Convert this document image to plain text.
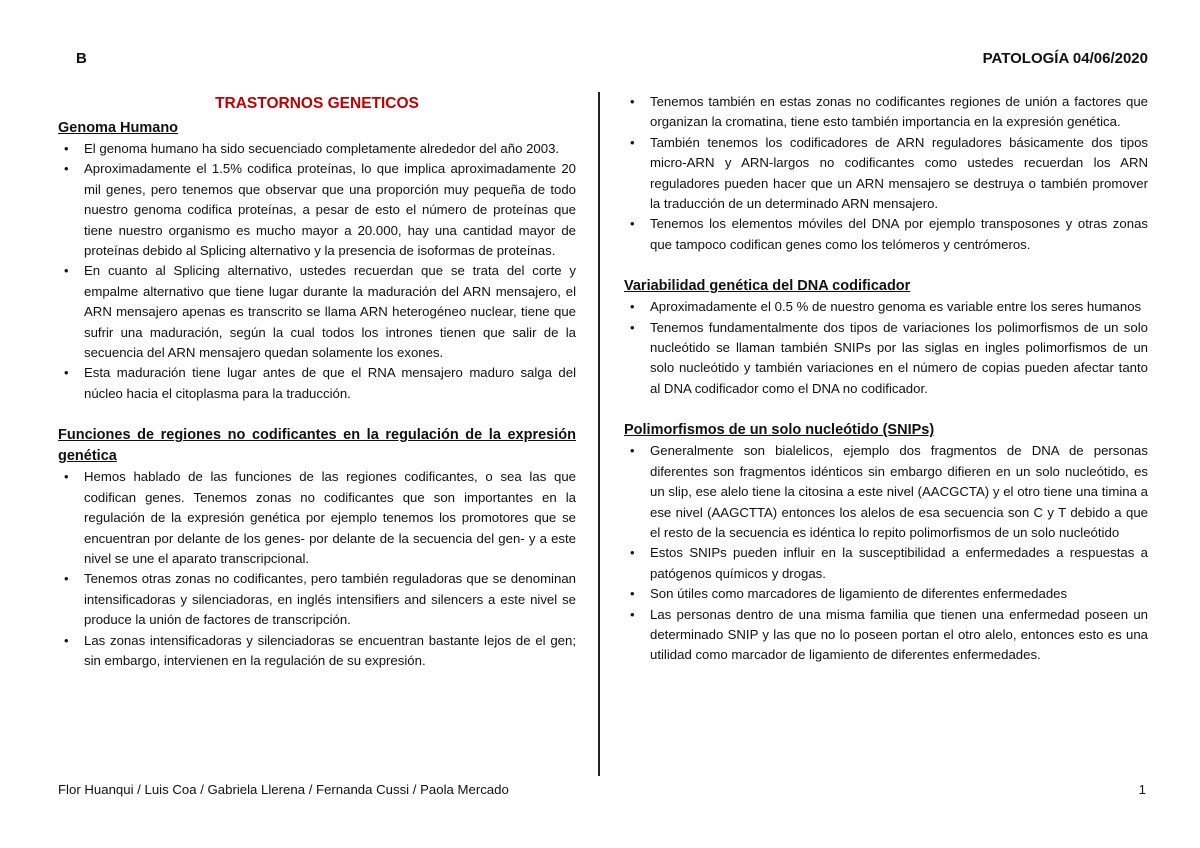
B	PATOLOGÍA 04/06/2020
TRASTORNOS GENETICOS
Genoma Humano
• El genoma humano ha sido secuenciado completamente alrededor del año 2003.
• Aproximadamente el 1.5% codifica proteínas, lo que implica aproximadamente 20 mil genes, pero tenemos que observar que una proporción muy pequeña de todo nuestro genoma codifica proteínas, a pesar de esto el número de proteínas que tiene nuestro organismo es mucho mayor a 20.000, hay una cantidad mayor de proteínas debido al Splicing alternativo y la presencia de isoformas de proteínas.
• En cuanto al Splicing alternativo, ustedes recuerdan que se trata del corte y empalme alternativo que tiene lugar durante la maduración del ARN mensajero, el ARN mensajero apenas es transcrito se llama ARN heterogéneo nuclear, tiene que sufrir una maduración, según la cual todos los intrones tienen que salir de la secuencia del ARN mensajero quedan solamente los exones.
• Esta maduración tiene lugar antes de que el RNA mensajero maduro salga del núcleo hacia el citoplasma para la traducción.
Funciones de regiones no codificantes en la regulación de la expresión genética
• Hemos hablado de las funciones de las regiones codificantes, o sea las que codifican genes. Tenemos zonas no codificantes que son importantes en la regulación de la expresión genética por ejemplo tenemos los promotores que se encuentran por delante de los genes- por delante de la secuencia del gen- y a este nivel se une el aparato transcripcional.
• Tenemos otras zonas no codificantes, pero también reguladoras que se denominan intensificadoras y silenciadoras, en inglés intensifiers and silencers a este nivel se produce la unión de factores de transcripción.
• Las zonas intensificadoras y silenciadoras se encuentran bastante lejos de el gen; sin embargo, intervienen en la regulación de su expresión.
• Tenemos también en estas zonas no codificantes regiones de unión a factores que organizan la cromatina, tiene esto también importancia en la expresión genética.
• También tenemos los codificadores de ARN reguladores básicamente dos tipos micro-ARN y ARN-largos no codificantes como ustedes recuerdan los ARN reguladores pueden hacer que un ARN mensajero se destruya o también promover la traducción de un determinado ARN mensajero.
• Tenemos los elementos móviles del DNA por ejemplo transposones y otras zonas que tampoco codifican genes como los telómeros y centrómeros.
Variabilidad genética del DNA codificador
• Aproximadamente el 0.5 % de nuestro genoma es variable entre los seres humanos
• Tenemos fundamentalmente dos tipos de variaciones los polimorfismos de un solo nucleótido se llaman también SNIPs por las siglas en ingles polimorfismos de un solo nucleótido y también variaciones en el número de copias pueden afectar tanto al DNA codificador como el DNA no codificador.
Polimorfismos de un solo nucleótido (SNIPs)
• Generalmente son bialelicos, ejemplo dos fragmentos de DNA de personas diferentes son fragmentos idénticos sin embargo difieren en un solo nucleótido, es un slip, ese alelo tiene la citosina a este nivel (AACGCTA) y el otro tiene una timina a ese nivel (AAGCTTA) entonces los alelos de esa secuencia son C y T debido a que el resto de la secuencia es idéntica lo repito polimorfismos de un solo nucleótido
• Estos SNIPs pueden influir en la susceptibilidad a enfermedades a respuestas a patógenos químicos y drogas.
• Son útiles como marcadores de ligamiento de diferentes enfermedades
• Las personas dentro de una misma familia que tienen una enfermedad poseen un determinado SNIP y las que no lo poseen portan el otro alelo, entonces esto es una utilidad como marcador de ligamiento de diferentes enfermedades.
Flor Huanqui / Luis Coa / Gabriela Llerena / Fernanda Cussi / Paola Mercado	1
